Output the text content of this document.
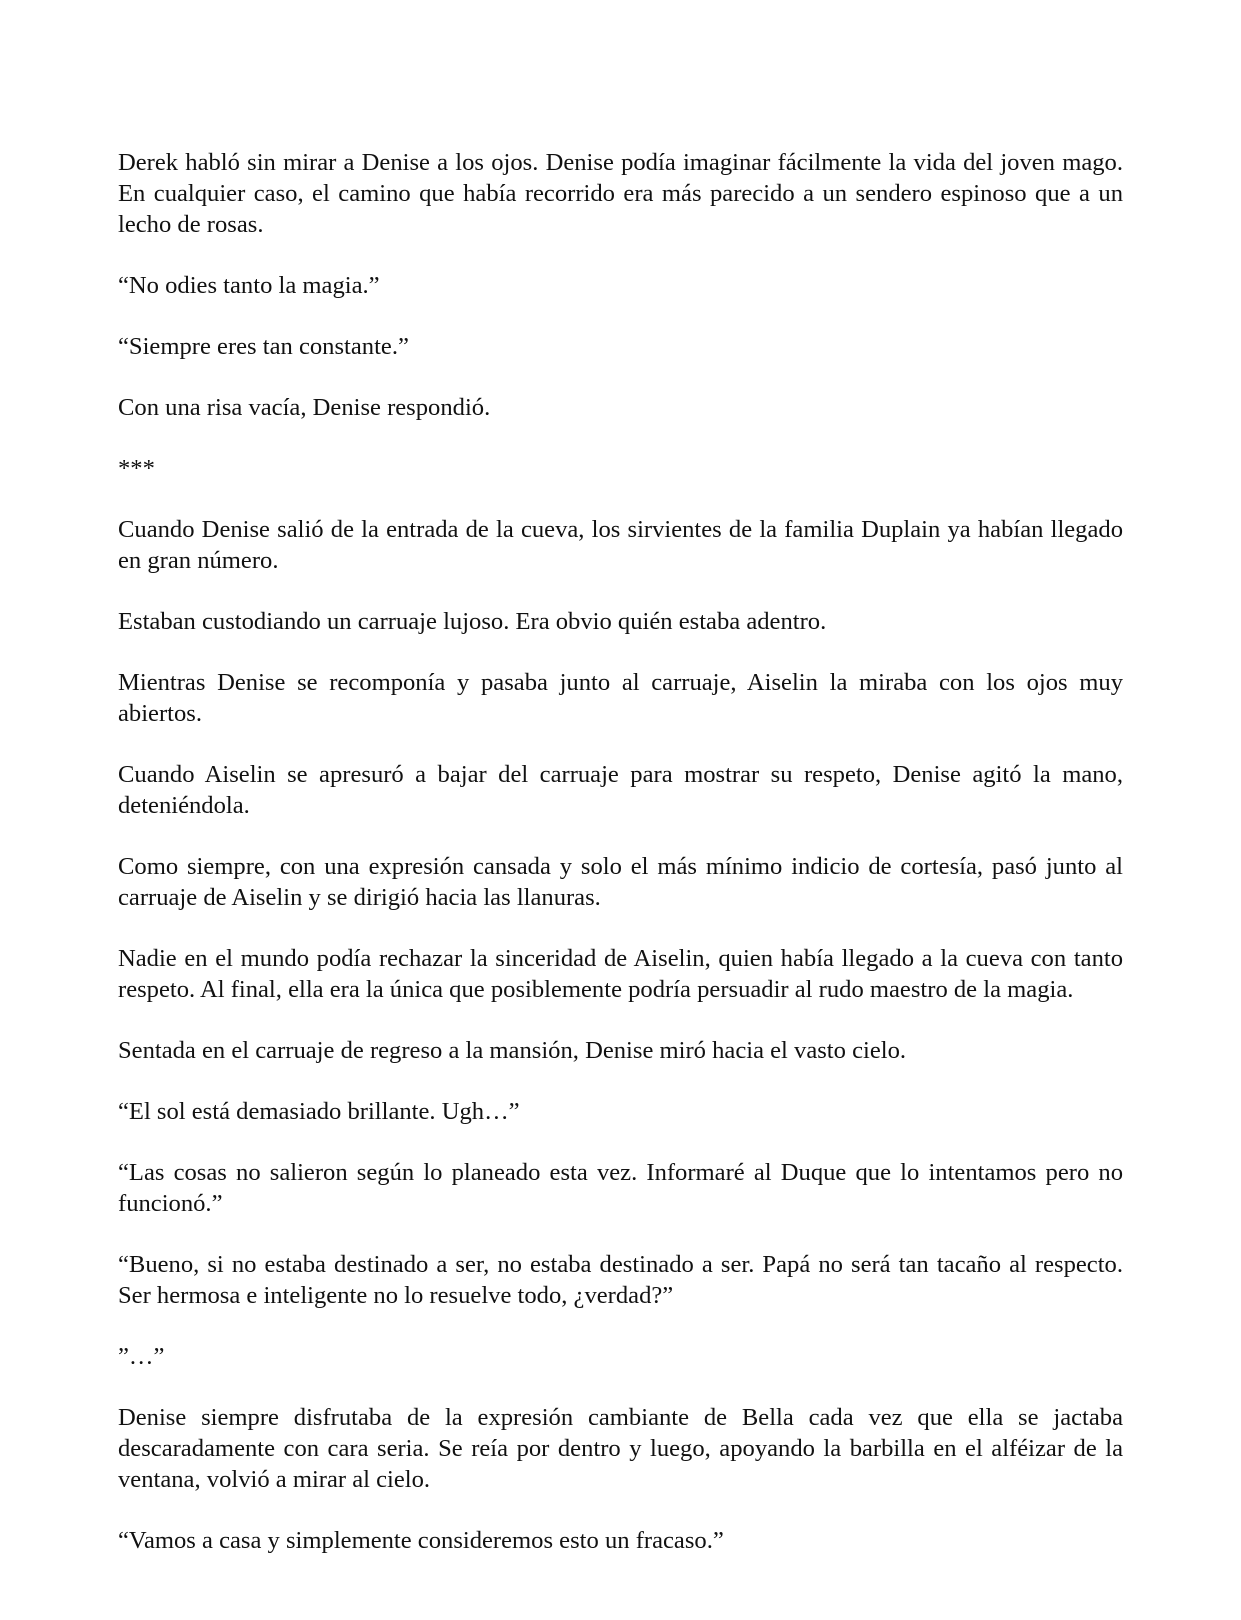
Derek habló sin mirar a Denise a los ojos. Denise podía imaginar fácilmente la vida del joven mago. En cualquier caso, el camino que había recorrido era más parecido a un sendero espinoso que a un lecho de rosas.

“No odies tanto la magia.”

“Siempre eres tan constante.”

Con una risa vacía, Denise respondió.

***

Cuando Denise salió de la entrada de la cueva, los sirvientes de la familia Duplain ya habían llegado en gran número.

Estaban custodiando un carruaje lujoso. Era obvio quién estaba adentro.

Mientras Denise se recomponía y pasaba junto al carruaje, Aiselin la miraba con los ojos muy abiertos.

Cuando Aiselin se apresuró a bajar del carruaje para mostrar su respeto, Denise agitó la mano, deteniéndola.

Como siempre, con una expresión cansada y solo el más mínimo indicio de cortesía, pasó junto al carruaje de Aiselin y se dirigió hacia las llanuras.

Nadie en el mundo podía rechazar la sinceridad de Aiselin, quien había llegado a la cueva con tanto respeto. Al final, ella era la única que posiblemente podría persuadir al rudo maestro de la magia.

Sentada en el carruaje de regreso a la mansión, Denise miró hacia el vasto cielo.

“El sol está demasiado brillante. Ugh…”

“Las cosas no salieron según lo planeado esta vez. Informaré al Duque que lo intentamos pero no funcionó.”

“Bueno, si no estaba destinado a ser, no estaba destinado a ser. Papá no será tan tacaño al respecto. Ser hermosa e inteligente no lo resuelve todo, ¿verdad?”

”…”

Denise siempre disfrutaba de la expresión cambiante de Bella cada vez que ella se jactaba descaradamente con cara seria. Se reía por dentro y luego, apoyando la barbilla en el alféizar de la ventana, volvió a mirar al cielo.

“Vamos a casa y simplemente consideremos esto un fracaso.”
